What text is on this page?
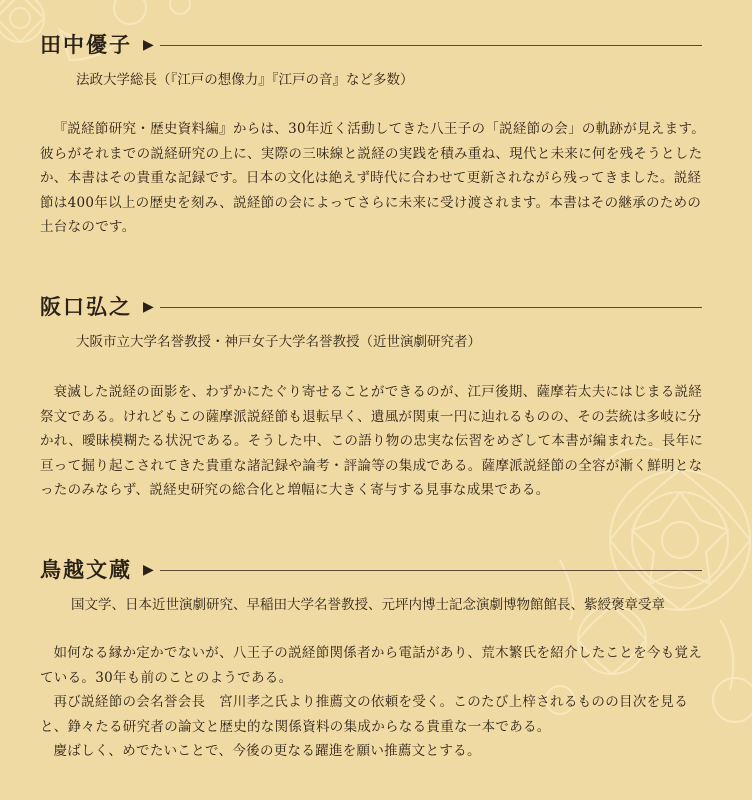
田中優子 ▶
法政大学総長（『江戸の想像力』『江戸の音』など多数）

『説経節研究・歴史資料編』からは、30年近く活動してきた八王子の「説経節の会」の軌跡が見えます。彼らがそれまでの説経研究の上に、実際の三味線と説経の実践を積み重ね、現代と未来に何を残そうとしたか、本書はその貴重な記録です。日本の文化は絶えず時代に合わせて更新されながら残ってきました。説経節は400年以上の歴史を刻み、説経節の会によってさらに未来に受け渡されます。本書はその継承のための土台なのです。

阪口弘之 ▶
大阪市立大学名誉教授・神戸女子大学名誉教授（近世演劇研究者）

衰滅した説経の面影を、わずかにたぐり寄せることができるのが、江戸後期、薩摩若太夫にはじまる説経祭文である。けれどもこの薩摩派説経節も退転早く、遺風が関東一円に辿れるものの、その芸統は多岐に分かれ、曖昧模糊たる状況である。そうした中、この語り物の忠実な伝習をめざして本書が編まれた。長年に亘って掘り起こされてきた貴重な諸記録や論考・評論等の集成である。薩摩派説経節の全容が漸く鮮明となったのみならず、説経史研究の総合化と増幅に大きく寄与する見事な成果である。

鳥越文蔵 ▶
国文学、日本近世演劇研究、早稲田大学名誉教授、元坪内博士記念演劇博物館館長、紫綬褒章受章

如何なる縁か定かでないが、八王子の説経節関係者から電話があり、荒木繁氏を紹介したことを今も覚えている。30年も前のことのようである。

再び説経節の会名誉会長　宮川孝之氏より推薦文の依頼を受く。このたび上梓されるものの目次を見ると、錚々たる研究者の論文と歴史的な関係資料の集成からなる貴重な一本である。

慶ばしく、めでたいことで、今後の更なる躍進を願い推薦文とする。
